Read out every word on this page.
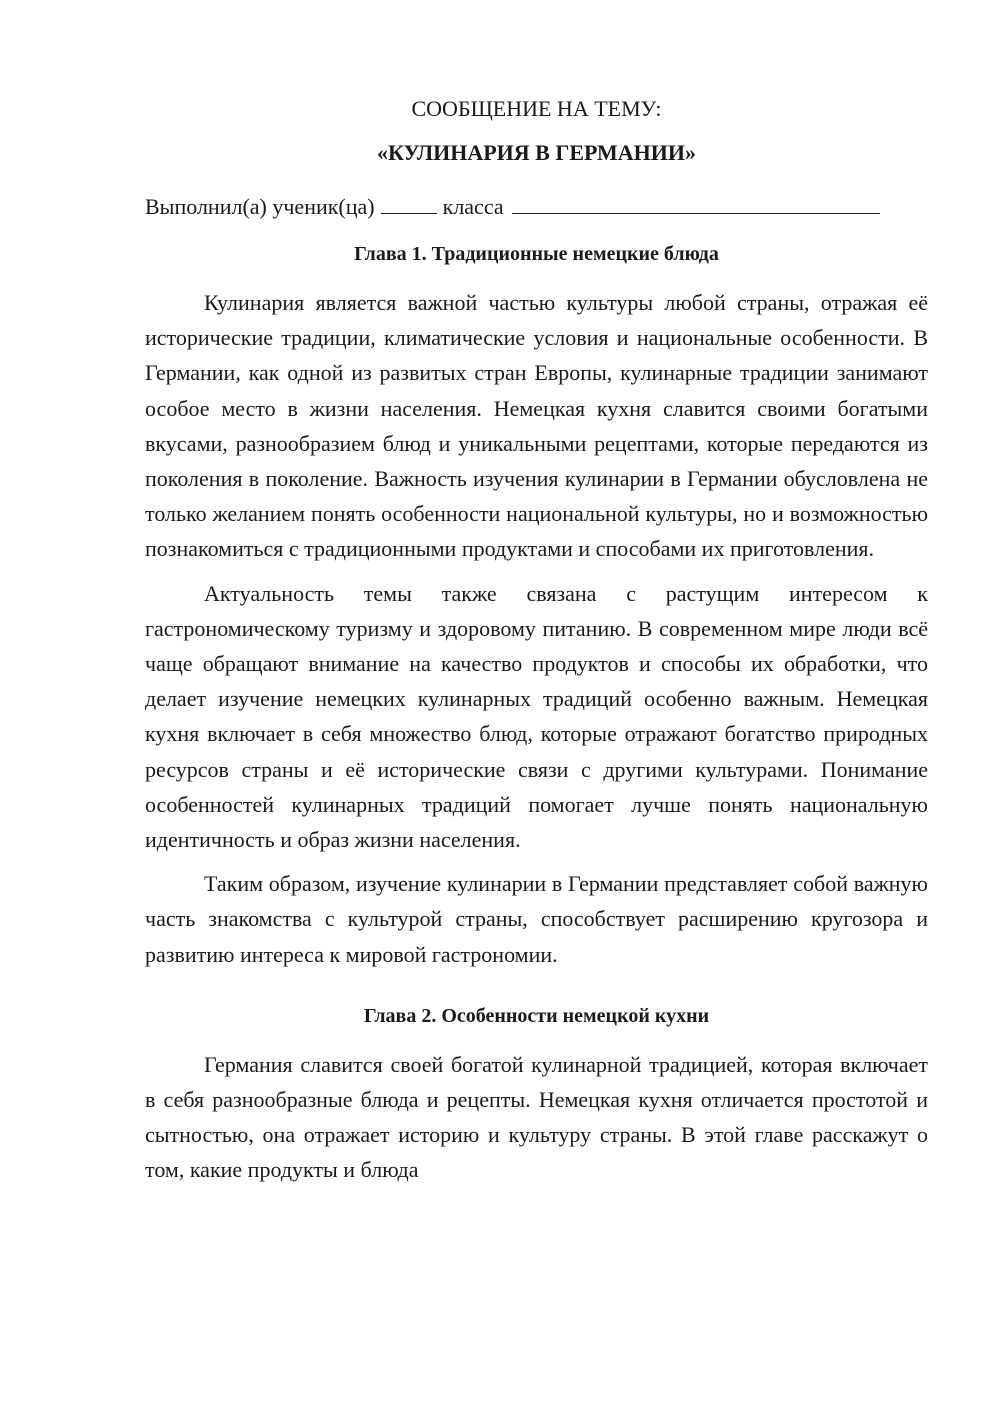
СООБЩЕНИЕ НА ТЕМУ:
«КУЛИНАРИЯ В ГЕРМАНИИ»

Выполнил(а) ученик(ца)	класса

Глава 1. Традиционные немецкие блюда

Кулинария является важной частью культуры любой страны, отражая её исторические традиции, климатические условия и национальные особенности. В Германии, как одной из развитых стран Европы, кулинарные традиции занимают особое место в жизни населения. Немецкая кухня славится своими богатыми вкусами, разнообразием блюд и уникальными рецептами, которые передаются из поколения в поколение. Важность изучения кулинарии в Германии обусловлена не только желанием понять особенности национальной культуры, но и возможностью познакомиться с традиционными продуктами и способами их приготовления.

Актуальность темы также связана с растущим интересом к гастрономическому туризму и здоровому питанию. В современном мире люди всё чаще обращают внимание на качество продуктов и способы их обработки, что делает изучение немецких кулинарных традиций особенно важным. Немецкая кухня включает в себя множество блюд, которые отражают богатство природных ресурсов страны и её исторические связи с другими культурами. Понимание особенностей кулинарных традиций помогает лучше понять национальную идентичность и образ жизни населения.

Таким образом, изучение кулинарии в Германии представляет собой важную часть знакомства с культурой страны, способствует расширению кругозора и развитию интереса к мировой гастрономии.

Глава 2. Особенности немецкой кухни

Германия славится своей богатой кулинарной традицией, которая включает в себя разнообразные блюда и рецепты. Немецкая кухня отличается простотой и сытностью, она отражает историю и культуру страны. В этой главе расскажут о том, какие продукты и блюда
